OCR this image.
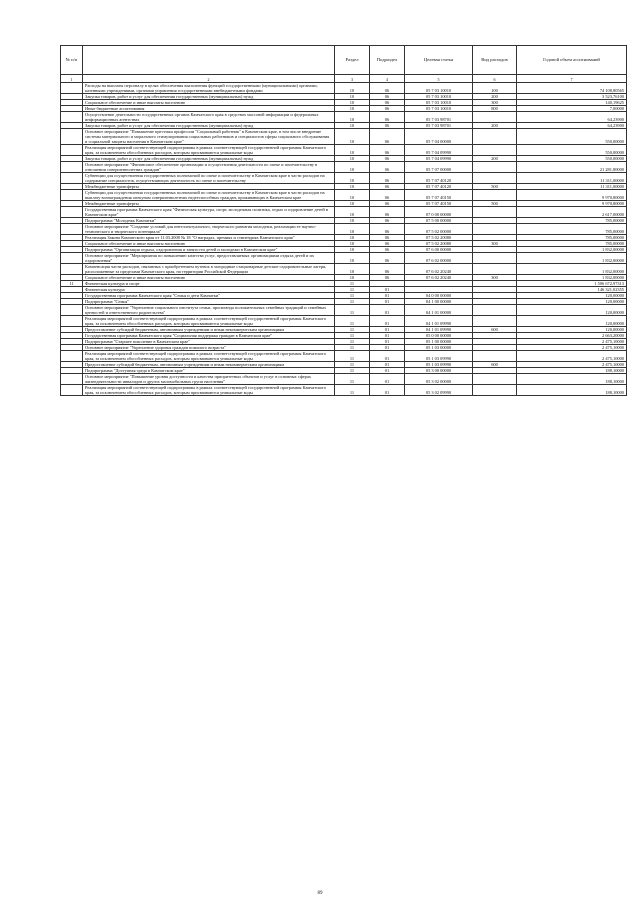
№ п/п		Раздел	Подраздел	Целевая статья	Вид расходов	Годовой объем ассигнований
1	2	3	4	5	6	7
	Расходы на выплаты персоналу в целях обеспечения выполнения функций государственными (муниципальными) органами, казенными учреждениями, органами управления государственными внебюджетными фондами	10	06	05 7 03 10010	100	74 108,80565
	Закупка товаров, работ и услуг для обеспечения государственных (муниципальных) нужд	10	06	05 7 03 10010	200	3 523,76100
	Социальное обеспечение и иные выплаты населению	10	06	05 7 03 10010	300	140,19625
	Иные бюджетные ассигнования	10	06	05 7 03 10010	800	7,00000
	Осуществление деятельности государственных органов Камчатского края в средствах массовой информации и федеральных информационных агентствах	10	06	05 7 03 98701		64,23900
	Закупка товаров, работ и услуг для обеспечения государственных (муниципальных) нужд	10	06	05 7 03 98701	200	64,23900
	Основное мероприятие "Повышение престижа профессии "Социальный работник" в Камчатском крае, в том числе внедрение системы материального и морального стимулирования социальных работников и специалистов сферы социального обслуживания и социальной защиты населения в Камчатском крае"	10	06	05 7 04 00000		550,00000
	Реализация мероприятий соответствующей подпрограммы в рамках соответствующей государственной программы Камчатского края, за исключением обособленных расходов, которым присваиваются уникальные коды	10	06	05 7 04 09990		550,00000
	Закупка товаров, работ и услуг для обеспечения государственных (муниципальных) нужд	10	06	05 7 04 09990	200	550,00000
	Основное мероприятие "Финансовое обеспечение организации и осуществления деятельности по опеке и попечительству в отношении совершеннолетних граждан"	10	06	05 7 07 00000		21 281,80000
	Субвенции для осуществления государственных полномочий по опеке и попечительству в Камчатском крае в части расходов на содержание специалистов, осуществляющих деятельность по опеке и попечительству	10	06	05 7 07 40120		11 311,00000
	Межбюджетные трансферты	10	06	05 7 07 40120	500	11 311,00000
	Субвенции для осуществления государственных полномочий по опеке и попечительству в Камчатском крае в части расходов на выплату вознаграждения опекунам совершеннолетних недееспособных граждан, проживающих в Камчатском крае	10	06	05 7 07 40150		9 970,80000
	Межбюджетные трансферты	10	06	05 7 07 40150	500	9 970,80000
	Государственная программа Камчатского края "Физическая культура, спорт, молодежная политика, отдых и оздоровление детей в Камчатском крае"	10	06	07 0 00 00000		2 617,00000
	Подпрограмма "Молодежь Камчатки"	10	06	07 5 00 00000		785,00000
	Основное мероприятие "Создание условий для интеллектуального, творческого развития молодежи, реализации ее научно-технического и творческого потенциала"	10	06	07 5 02 00000		785,00000
	Реализация Закона Камчатского края от 11.03.2008 № 18 "О наградах, премиях и стипендиях Камчатского края"	10	06	07 5 02 20080		785,00000
	Социальное обеспечение и иные выплаты населению	10	06	07 5 02 20080	300	785,00000
	Подпрограмма "Организация отдыха, оздоровления и занятости детей и молодежи в Камчатском крае"	10	06	07 6 00 00000		1 832,00000
	Основное мероприятие "Мероприятия по повышению качества услуг, предоставляемых организациями отдыха детей и их оздоровления"	10	06	07 6 02 00000		1 832,00000
	Компенсация части расходов, связанных с приобретением путевок в загородные стационарные детские оздоровительные лагеря, расположенные за пределами Камчатского края, на территории Российской Федерации	10	06	07 6 02 20240		1 832,00000
	Социальное обеспечение и иные выплаты населению	10	06	07 6 02 20240	300	1 832,00000
11	Физическая культура и спорт	11				1 506 672,97313
	Физическая культура	11	01			146 321,02355
	Государственная программа Камчатского края "Семья и дети Камчатки"	11	01	04 0 00 00000		120,00000
	Подпрограмма "Семья"	11	01	04 1 00 00000		120,00000
	Основное мероприятие "Укрепление социального института семьи, пропаганда положительных семейных традиций и семейных ценностей и ответственного родительства"	11	01	04 1 01 00000		120,00000
	Реализация мероприятий соответствующей подпрограммы в рамках соответствующей государственной программы Камчатского края, за исключением обособленных расходов, которым присваиваются уникальные коды	11	01	04 1 01 09990		120,00000
	Предоставление субсидий бюджетным, автономным учреждениям и иным некоммерческим организациям	11	01	04 1 01 09990	600	120,00000
	Государственная программа Камчатского края "Социальная поддержка граждан в Камчатском крае"	11	01	05 0 00 00000		2 663,20000
	Подпрограмма "Старшее поколение в Камчатском крае"	11	01	05 1 00 00000		2 475,10000
	Основное мероприятие "Укрепление здоровья граждан пожилого возраста"	11	01	05 1 03 00000		2 475,10000
	Реализация мероприятий соответствующей подпрограммы в рамках соответствующей государственной программы Камчатского края, за исключением обособленных расходов, которым присваиваются уникальные коды	11	01	05 1 03 09990		2 475,10000
	Предоставление субсидий бюджетным, автономным учреждениям и иным некоммерческим организациям	11	01	05 1 03 09990	600	2 475,10000
	Подпрограмма "Доступная среда в Камчатском крае"	11	01	05 3 00 00000		188,10000
	Основное мероприятие "Повышение уровня доступности и качества приоритетных объектов и услуг в основных сферах жизнедеятельности инвалидов и других маломобильных групп населения"	11	01	05 3 02 00000		188,10000
	Реализация мероприятий соответствующей подпрограммы в рамках соответствующей государственной программы Камчатского края, за исключением обособленных расходов, которым присваиваются уникальные коды	11	01	05 3 02 09990		188,10000
89
